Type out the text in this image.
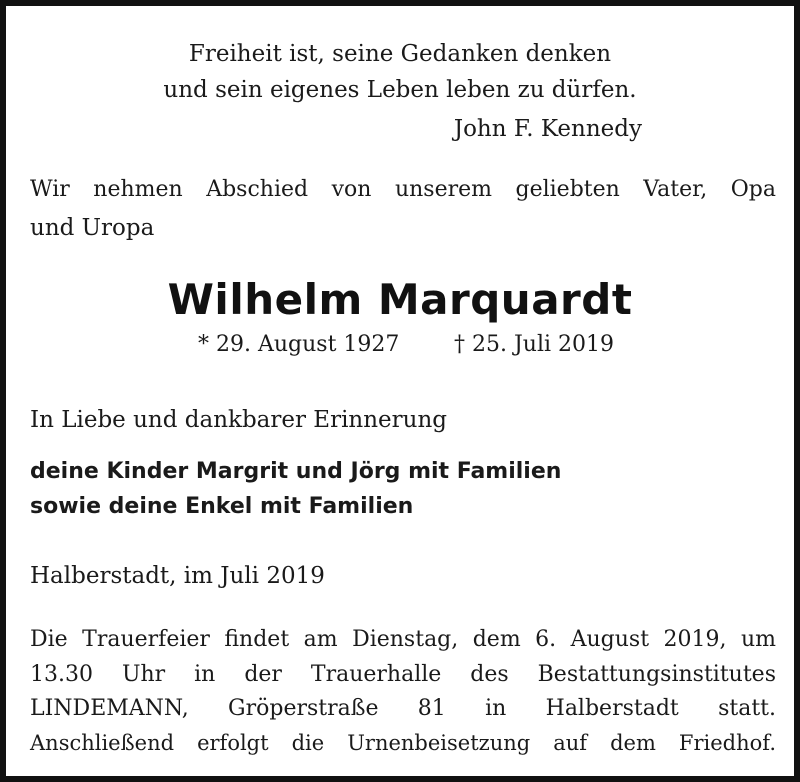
Freiheit ist, seine Gedanken denken

und sein eigenes Leben leben zu dürfen.

John F. Kennedy

Wir nehmen Abschied von unserem geliebten Vater, Opa

und Uropa

Wilhelm Marquardt

* 29. August 1927 † 25. Juli 2019

In Liebe und dankbarer Erinnerung

deine Kinder Margrit und Jörg mit Familien

sowie deine Enkel mit Familien

Halberstadt, im Juli 2019

Die Trauerfeier findet am Dienstag, dem 6. August 2019, um

13.30 Uhr in der Trauerhalle des Bestattungsinstitutes

LINDEMANN, Gröperstraße 81 in Halberstadt statt.

Anschließend erfolgt die Urnenbeisetzung auf dem Friedhof.
